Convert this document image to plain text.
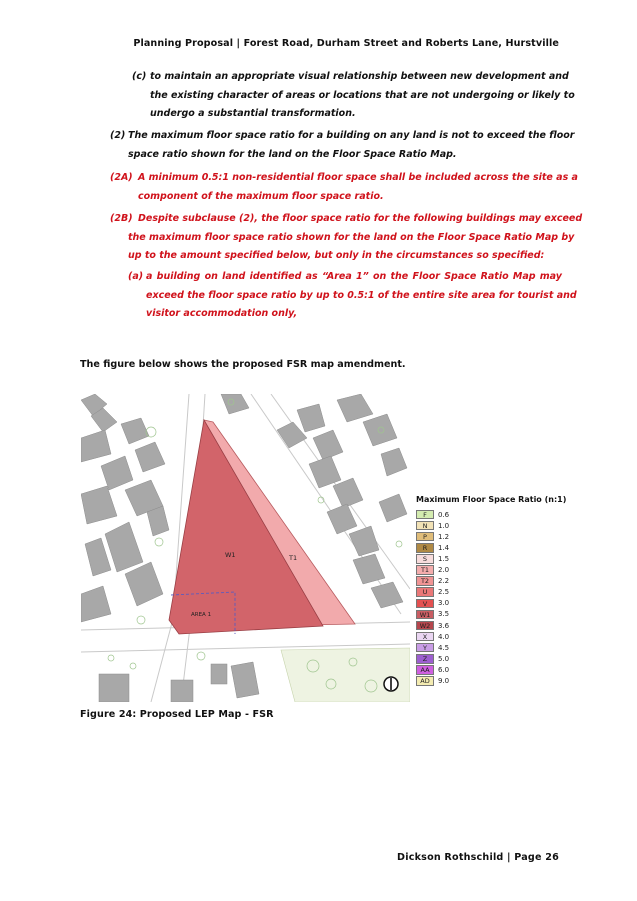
Planning Proposal | Forest Road, Durham Street and Roberts Lane, Hurstville
(c) to maintain an appropriate visual relationship between new development and
the existing character of areas or locations that are not undergoing or likely to
undergo a substantial transformation.
(2) The maximum floor space ratio for a building on any land is not to exceed the floor
space ratio shown for the land on the Floor Space Ratio Map.
(2A) A minimum 0.5:1 non-residential floor space shall be included across the site as a
component of the maximum floor space ratio.
(2B) Despite subclause (2), the floor space ratio for the following buildings may exceed
the maximum floor space ratio shown for the land on the Floor Space Ratio Map by
up to the amount specified below, but only in the circumstances so specified:
(a) a building on land identified as “Area 1” on the Floor Space Ratio Map may
exceed the floor space ratio by up to 0.5:1 of the entire site area for tourist and
visitor accommodation only,
The figure below shows the proposed FSR map amendment.
W1	T1
AREA 1
Maximum Floor Space Ratio (n:1)
F	0.6
N	1.0
P	1.2
R	1.4
S	1.5
T1	2.0
T2	2.2
U	2.5
V	3.0
W1	3.5
W2	3.6
X	4.0
Y	4.5
Z	5.0
AA	6.0
AD	9.0
Figure 24: Proposed LEP Map - FSR
Dickson Rothschild | Page 26
